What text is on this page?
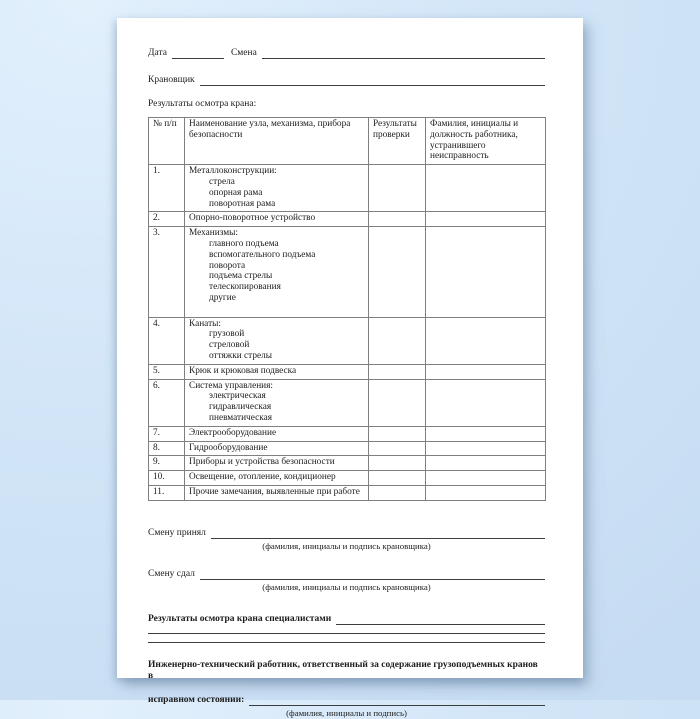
Дата	Смена
Крановщик
Результаты осмотра крана:
№ п/п	Наименование узла, механизма, прибора безопасности	Результаты проверки	Фамилия, инициалы и должность работника, устранившего неисправность
1.	Металлоконструкции:
стрела
опорная рама
поворотная рама		

2.	Опорно-поворотное устройство		

3.	Механизмы:
главного подъема
вспомогательного подъема
поворота
подъема стрелы
телескопирования
другие

4.	Канаты:
грузовой
стреловой
оттяжки стрелы		

5.	Крюк и крюковая подвеска		

6.	Система управления:
электрическая
гидравлическая
пневматическая		

7.	Электрооборудование		

8.	Гидрооборудование		

9.	Приборы и устройства безопасности		

10.	Освещение, отопление, кондиционер		

11.	Прочие замечания, выявленные при работе		

Смену принял
(фамилия, инициалы и подпись крановщика)
Смену сдал
(фамилия, инициалы и подпись крановщика)
Результаты осмотра крана специалистами
Инженерно-технический работник, ответственный за содержание грузоподъемных кранов в
исправном состоянии:
(фамилия, инициалы и подпись)
